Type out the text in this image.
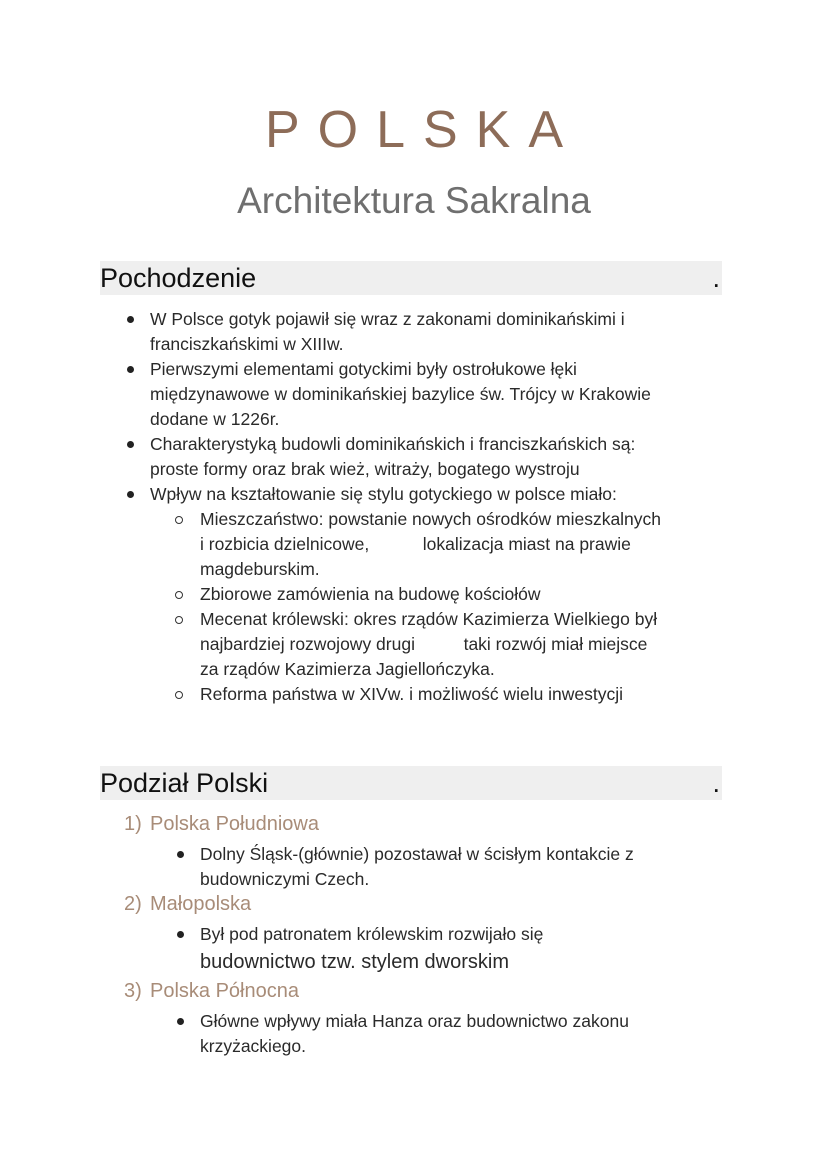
POLSKA
Architektura Sakralna
Pochodzenie	.
W Polsce gotyk pojawił się wraz z zakonami dominikańskimi i
franciszkańskimi w XIIIw.
Pierwszymi elementami gotyckimi były ostrołukowe łęki
międzynawowe w dominikańskiej bazylice św. Trójcy w Krakowie
dodane w 1226r.
Charakterystyką budowli dominikańskich i franciszkańskich są:
proste formy oraz brak wież, witraży, bogatego wystroju
Wpływ na kształtowanie się stylu gotyckiego w polsce miało:
Mieszczaństwo: powstanie nowych ośrodków mieszkalnych
i rozbicia dzielnicowe,           lokalizacja miast na prawie
magdeburskim.
Zbiorowe zamówienia na budowę kościołów
Mecenat królewski: okres rządów Kazimierza Wielkiego był
najbardziej rozwojowy drugi          taki rozwój miał miejsce
za rządów Kazimierza Jagiellończyka.
Reforma państwa w XIVw. i możliwość wielu inwestycji
Podział Polski	.
1) Polska Południowa
Dolny Śląsk-(głównie) pozostawał w ścisłym kontakcie z
budowniczymi Czech.
2) Małopolska
Był pod patronatem królewskim rozwijało się
budownictwo tzw. stylem dworskim
3) Polska Północna
Główne wpływy miała Hanza oraz budownictwo zakonu
krzyżackiego.
